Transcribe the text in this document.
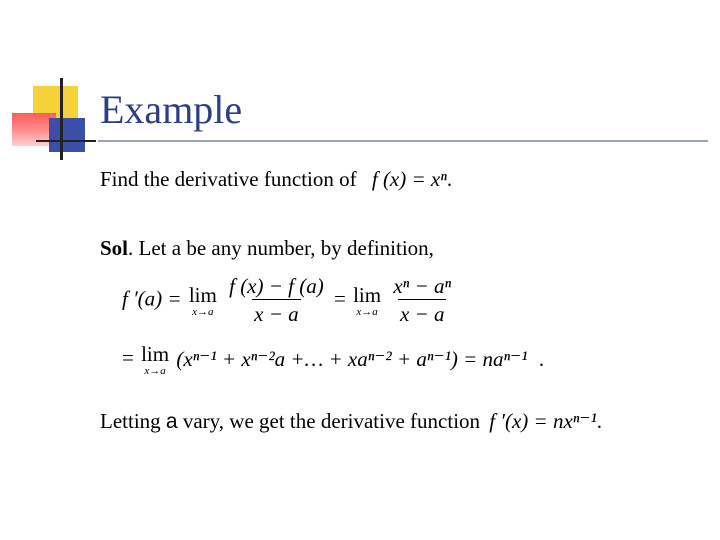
Example
Find the derivative function of f (x) = xⁿ.
Sol. Let a be any number, by definition,
f ′(a) = lim
x→a
$\frac{f (x) - f (a)}{x - a} = \lim$
x→a
$\frac{\text{xⁿ − aⁿ}}{x - a}$
= lim
x→a (xⁿ⁻¹ + xⁿ⁻²a +… + xaⁿ⁻² + aⁿ⁻¹) = naⁿ⁻¹ .
Letting a vary, we get the derivative function f ′(x) = nxⁿ⁻¹.
